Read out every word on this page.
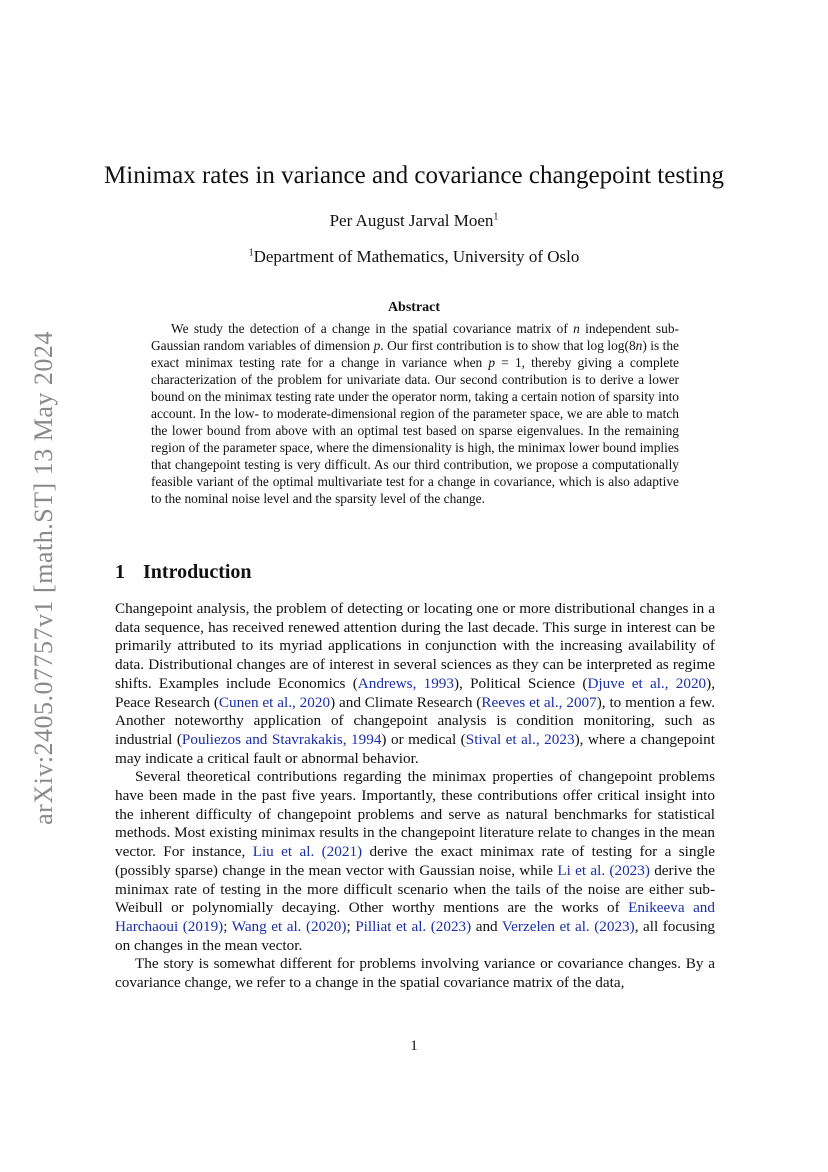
arXiv:2405.07757v1 [math.ST] 13 May 2024
Minimax rates in variance and covariance changepoint testing
Per August Jarval Moen$^1$
$^1$Department of Mathematics, University of Oslo
Abstract
We study the detection of a change in the spatial covariance matrix of n independent sub-Gaussian random variables of dimension p. Our first contribution is to show that log log(8n) is the exact minimax testing rate for a change in variance when p = 1, thereby giving a complete characterization of the problem for univariate data. Our second contribution is to derive a lower bound on the minimax testing rate under the operator norm, taking a certain notion of sparsity into account. In the low- to moderate-dimensional region of the parameter space, we are able to match the lower bound from above with an optimal test based on sparse eigenvalues. In the remaining region of the parameter space, where the dimensionality is high, the minimax lower bound implies that changepoint testing is very difficult. As our third contribution, we propose a computationally feasible variant of the optimal multivariate test for a change in covariance, which is also adaptive to the nominal noise level and the sparsity level of the change.
1 Introduction

Changepoint analysis, the problem of detecting or locating one or more distributional changes in a data sequence, has received renewed attention during the last decade. This surge in interest can be primarily attributed to its myriad applications in conjunction with the increasing availability of data. Distributional changes are of interest in several sciences as they can be interpreted as regime shifts. Examples include Economics (Andrews, 1993), Political Science (Djuve et al., 2020), Peace Research (Cunen et al., 2020) and Climate Research (Reeves et al., 2007), to mention a few. Another noteworthy application of changepoint analysis is condition monitoring, such as industrial (Pouliezos and Stavrakakis, 1994) or medical (Stival et al., 2023), where a changepoint may indicate a critical fault or abnormal behavior.

Several theoretical contributions regarding the minimax properties of changepoint problems have been made in the past five years. Importantly, these contributions offer critical insight into the inherent difficulty of changepoint problems and serve as natural benchmarks for statistical methods. Most existing minimax results in the changepoint literature relate to changes in the mean vector. For instance, Liu et al. (2021) derive the exact minimax rate of testing for a single (possibly sparse) change in the mean vector with Gaussian noise, while Li et al. (2023) derive the minimax rate of testing in the more difficult scenario when the tails of the noise are either sub-Weibull or polynomially decaying. Other worthy mentions are the works of Enikeeva and Harchaoui (2019); Wang et al. (2020); Pilliat et al. (2023) and Verzelen et al. (2023), all focusing on changes in the mean vector.

The story is somewhat different for problems involving variance or covariance changes. By a covariance change, we refer to a change in the spatial covariance matrix of the data,

1
